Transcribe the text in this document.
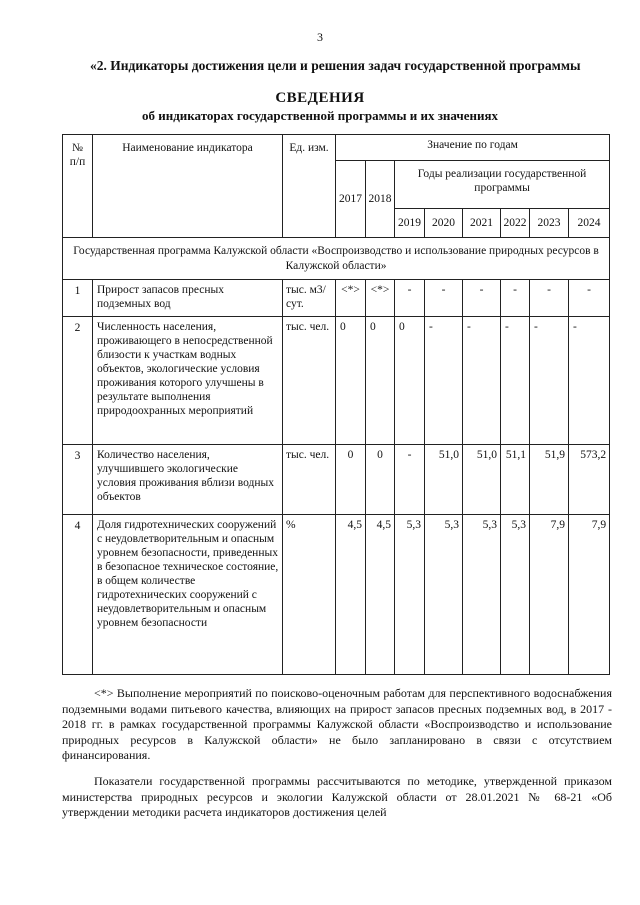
3
«2. Индикаторы достижения цели и решения задач государственной программы
СВЕДЕНИЯ
об индикаторах государственной программы и их значениях
№ п/п	Наименование индикатора	Ед. изм.	Значение по годам							
			2017	2018	Годы реализации государственной программы					
					2019	2020	2021	2022	2023	2024
Государственная программа Калужской области «Воспроизводство и использование природных ресурсов в Калужской области»										
1	Прирост запасов пресных подземных вод	тыс. м3/сут.	<*>	<*>	-	-	-	-	-	-
2	Численность населения, проживающего в непосредственной близости к участкам водных объектов, экологические условия проживания которого улучшены в результате выполнения природоохранных мероприятий	тыс. чел.	0	0	0	-	-	-	-	-
3	Количество населения, улучшившего экологические условия проживания вблизи водных объектов	тыс. чел.	0	0	-	51,0	51,0	51,1	51,9	573,2
4	Доля гидротехнических сооружений с неудовлетворительным и опасным уровнем безопасности, приведенных в безопасное техническое состояние, в общем количестве гидротехнических сооружений с неудовлетворительным и опасным уровнем безопасности	%	4,5	4,5	5,3	5,3	5,3	5,3	7,9	7,9

<*> Выполнение мероприятий по поисково-оценочным работам для перспективного водоснабжения подземными водами питьевого качества, влияющих на прирост запасов пресных подземных вод, в 2017 - 2018 гг. в рамках государственной программы Калужской области «Воспроизводство и использование природных ресурсов в Калужской области» не было запланировано в связи с отсутствием финансирования.

Показатели государственной программы рассчитываются по методике, утвержденной приказом министерства природных ресурсов и экологии Калужской области от 28.01.2021 № 68-21 «Об утверждении методики расчета индикаторов достижения целей
